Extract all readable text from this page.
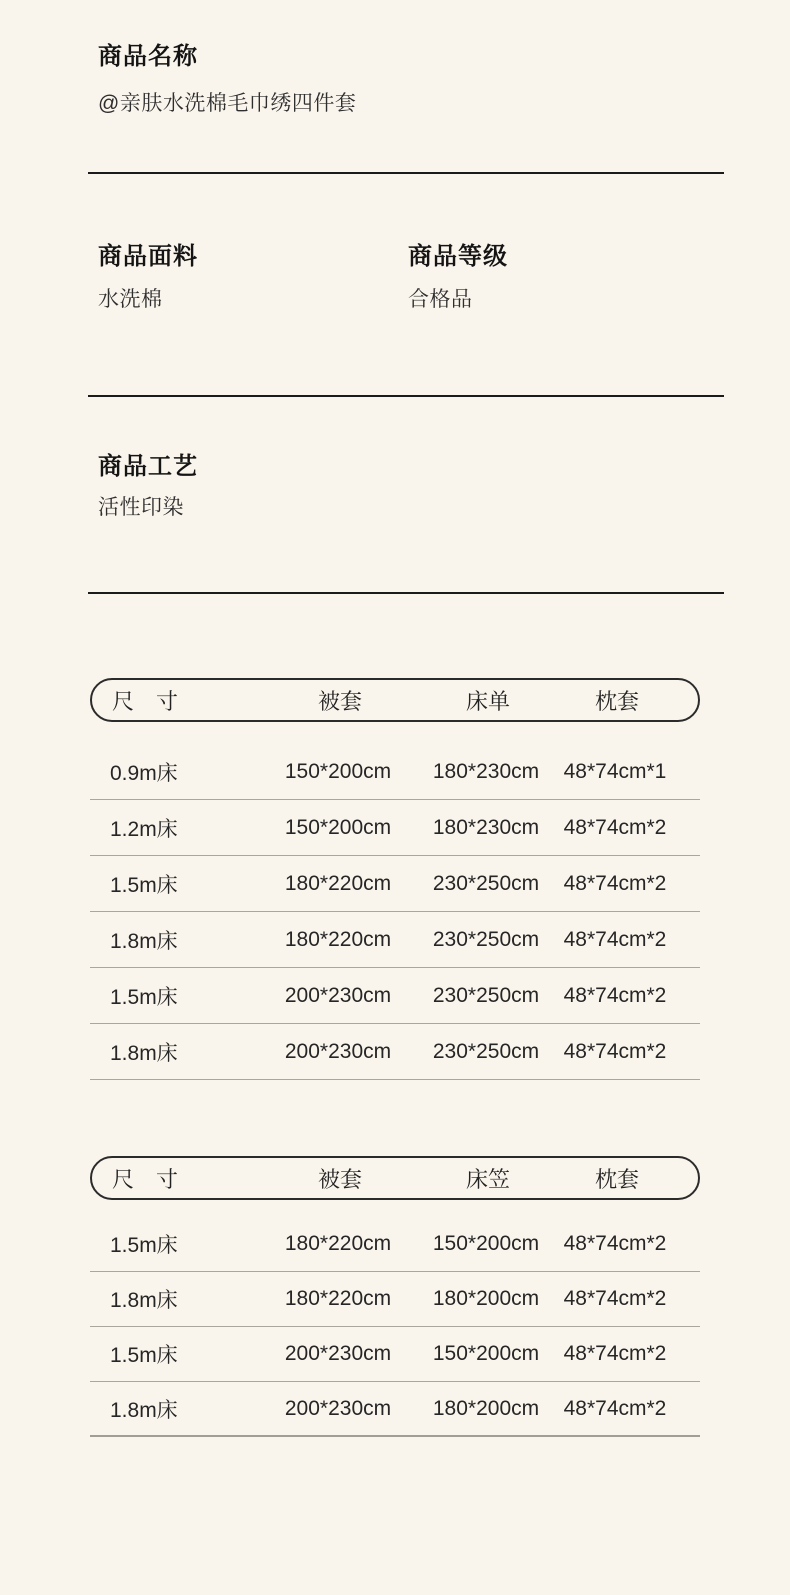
商品名称
@亲肤水洗棉毛巾绣四件套
商品面料
水洗棉
商品等级
合格品
商品工艺
活性印染
尺　寸	被套	床单	枕套
0.9m床	150*200cm	180*230cm	48*74cm*1
1.2m床	150*200cm	180*230cm	48*74cm*2
1.5m床	180*220cm	230*250cm	48*74cm*2
1.8m床	180*220cm	230*250cm	48*74cm*2
1.5m床	200*230cm	230*250cm	48*74cm*2
1.8m床	200*230cm	230*250cm	48*74cm*2
尺　寸	被套	床笠	枕套
1.5m床	180*220cm	150*200cm	48*74cm*2
1.8m床	180*220cm	180*200cm	48*74cm*2
1.5m床	200*230cm	150*200cm	48*74cm*2
1.8m床	200*230cm	180*200cm	48*74cm*2
